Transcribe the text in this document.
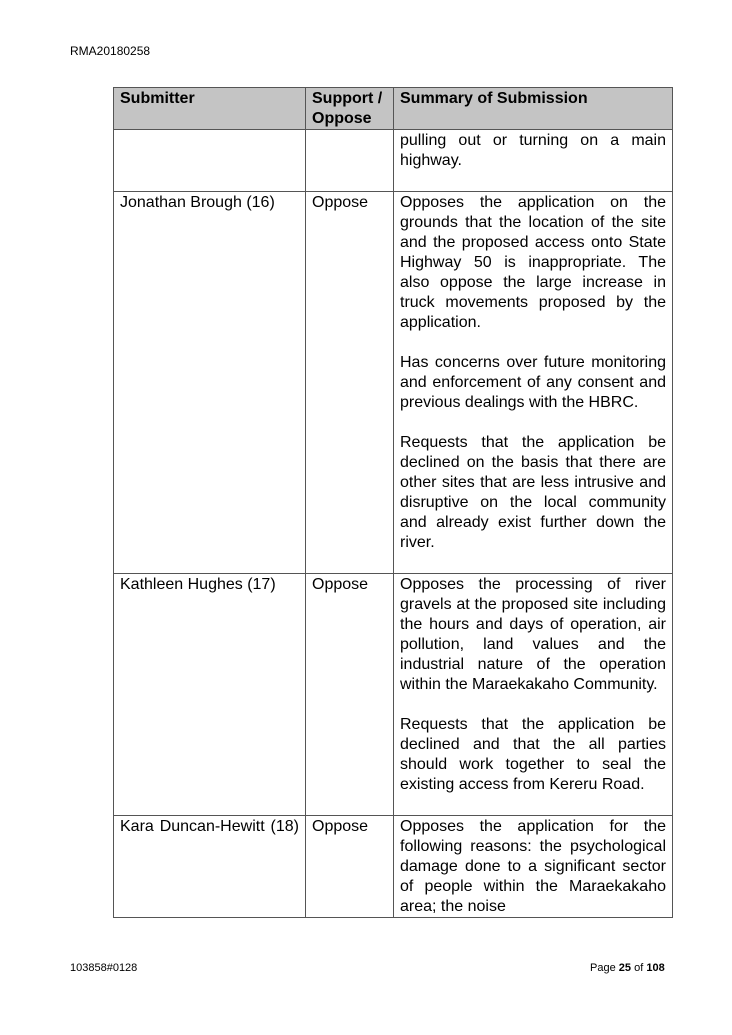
RMA20180258
Submitter	Support / Oppose	Summary of Submission

		pulling out or turning on a main highway.

Jonathan Brough (16)	Oppose	Opposes the application on the grounds that the location of the site and the proposed access onto State Highway 50 is inappropriate. The also oppose the large increase in truck movements proposed by the application.

Has concerns over future monitoring and enforcement of any consent and previous dealings with the HBRC.

Requests that the application be declined on the basis that there are other sites that are less intrusive and disruptive on the local community and already exist further down the river.

Kathleen Hughes (17)	Oppose	Opposes the processing of river gravels at the proposed site including the hours and days of operation, air pollution, land values and the industrial nature of the operation within the Maraekakaho Community.

Requests that the application be declined and that the all parties should work together to seal the existing access from Kereru Road.

Kara Duncan-Hewitt (18)	Oppose	Opposes the application for the following reasons: the psychological damage done to a significant sector of people within the Maraekakaho area; the noise

103858#0128	Page 25 of 108
